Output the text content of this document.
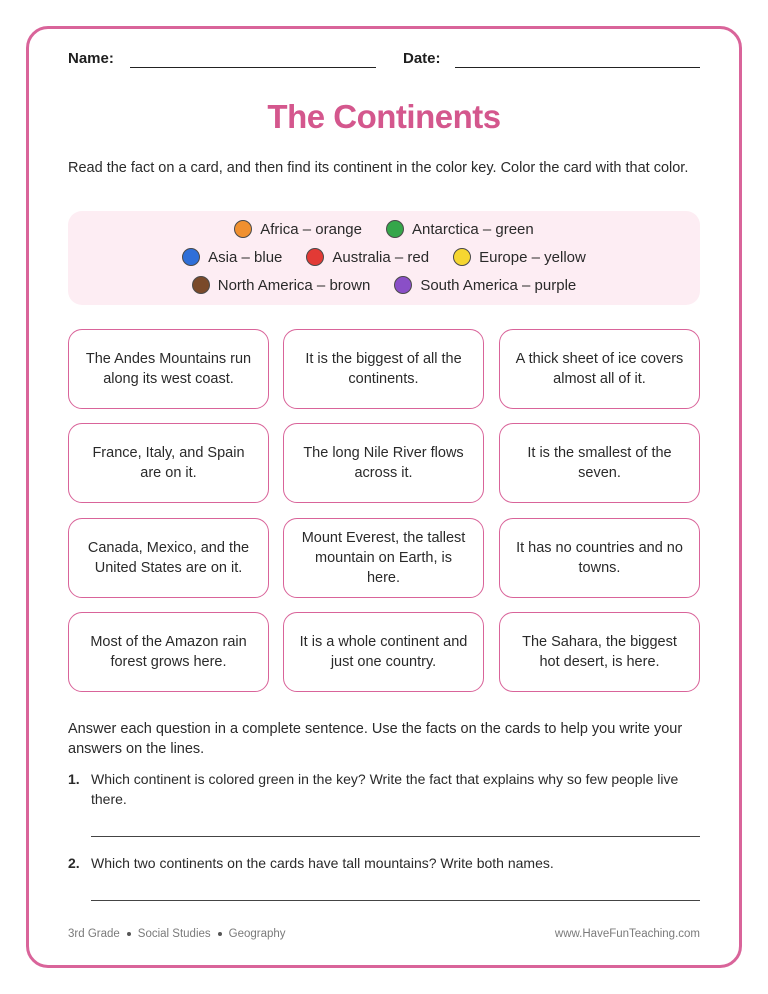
Name:	Date:
The Continents
Read the fact on a card, and then find its continent in the color key. Color the card with that color.
Africa – orange	Antarctica – green
Asia – blue	Australia – red	Europe – yellow
North America – brown	South America – purple
The Andes Mountains run along its west coast.
It is the biggest of all the continents.
A thick sheet of ice covers almost all of it.
France, Italy, and Spain are on it.
The long Nile River flows across it.
It is the smallest of the seven.
Canada, Mexico, and the United States are on it.
Mount Everest, the tallest mountain on Earth, is here.
It has no countries and no towns.
Most of the Amazon rain forest grows here.
It is a whole continent and just one country.
The Sahara, the biggest hot desert, is here.
Answer each question in a complete sentence. Use the facts on the cards to help you write your answers on the lines.
1. Which continent is colored green in the key? Write the fact that explains why so few people live there.
2. Which two continents on the cards have tall mountains? Write both names.
3rd Grade Social Studies Geography	www.HaveFunTeaching.com
